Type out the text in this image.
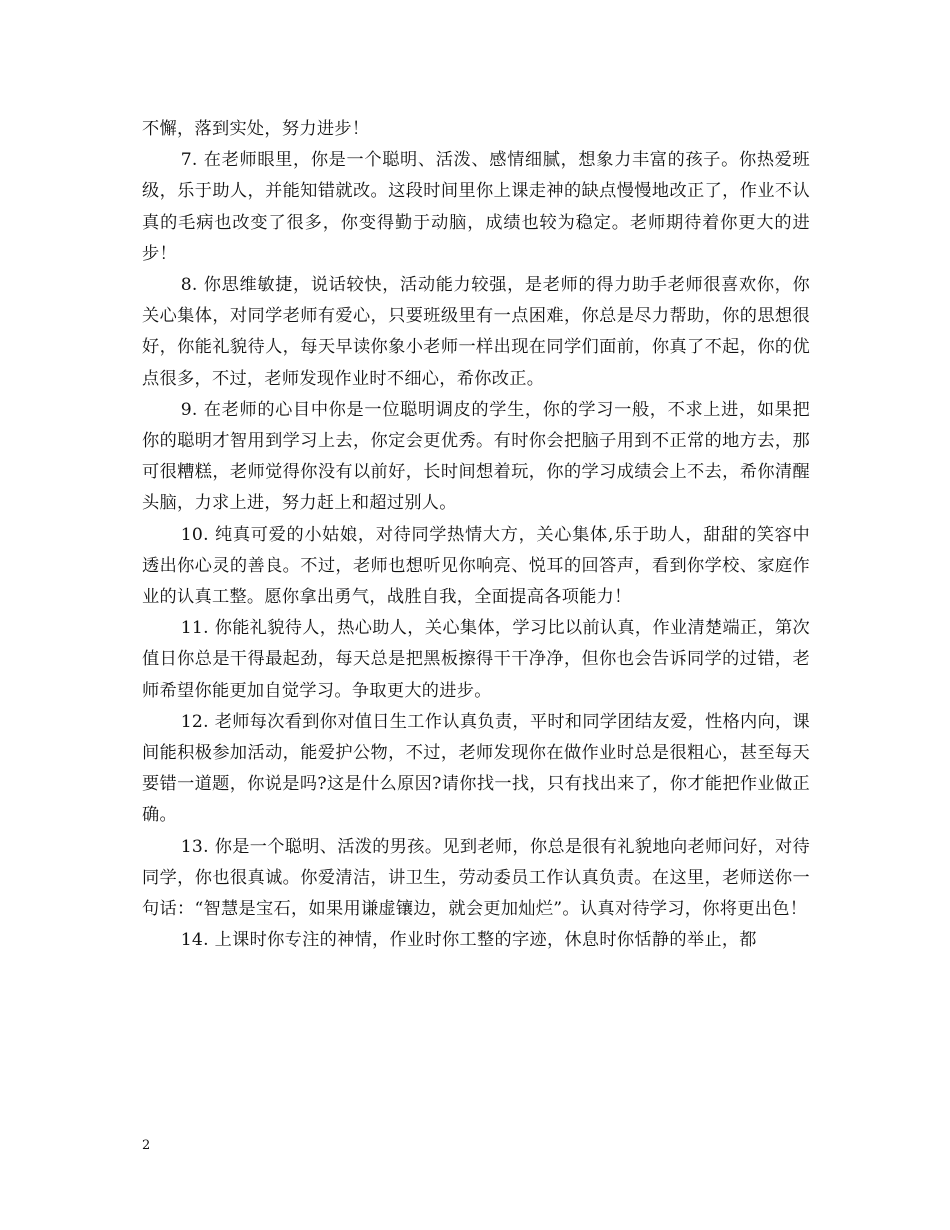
不懈，落到实处，努力进步！

7. 在老师眼里，你是一个聪明、活泼、感情细腻，想象力丰富的孩子。你热爱班级，乐于助人，并能知错就改。这段时间里你上课走神的缺点慢慢地改正了，作业不认真的毛病也改变了很多，你变得勤于动脑，成绩也较为稳定。老师期待着你更大的进步！

8. 你思维敏捷，说话较快，活动能力较强，是老师的得力助手老师很喜欢你，你关心集体，对同学老师有爱心，只要班级里有一点困难，你总是尽力帮助，你的思想很好，你能礼貌待人，每天早读你象小老师一样出现在同学们面前，你真了不起，你的优点很多，不过，老师发现作业时不细心，希你改正。

9. 在老师的心目中你是一位聪明调皮的学生，你的学习一般，不求上进，如果把你的聪明才智用到学习上去，你定会更优秀。有时你会把脑子用到不正常的地方去，那可很糟糕，老师觉得你没有以前好，长时间想着玩，你的学习成绩会上不去，希你清醒头脑，力求上进，努力赶上和超过别人。

10. 纯真可爱的小姑娘，对待同学热情大方，关心集体,乐于助人，甜甜的笑容中透出你心灵的善良。不过，老师也想听见你响亮、悦耳的回答声，看到你学校、家庭作业的认真工整。愿你拿出勇气，战胜自我，全面提高各项能力！

11. 你能礼貌待人，热心助人，关心集体，学习比以前认真，作业清楚端正，第次值日你总是干得最起劲，每天总是把黑板擦得干干净净，但你也会告诉同学的过错，老师希望你能更加自觉学习。争取更大的进步。

12. 老师每次看到你对值日生工作认真负责，平时和同学团结友爱，性格内向，课间能积极参加活动，能爱护公物，不过，老师发现你在做作业时总是很粗心，甚至每天要错一道题，你说是吗?这是什么原因?请你找一找，只有找出来了，你才能把作业做正确。

13. 你是一个聪明、活泼的男孩。见到老师，你总是很有礼貌地向老师问好，对待同学，你也很真诚。你爱清洁，讲卫生，劳动委员工作认真负责。在这里，老师送你一句话：“智慧是宝石，如果用谦虚镶边，就会更加灿烂”。认真对待学习，你将更出色！

14. 上课时你专注的神情，作业时你工整的字迹，休息时你恬静的举止，都

2
